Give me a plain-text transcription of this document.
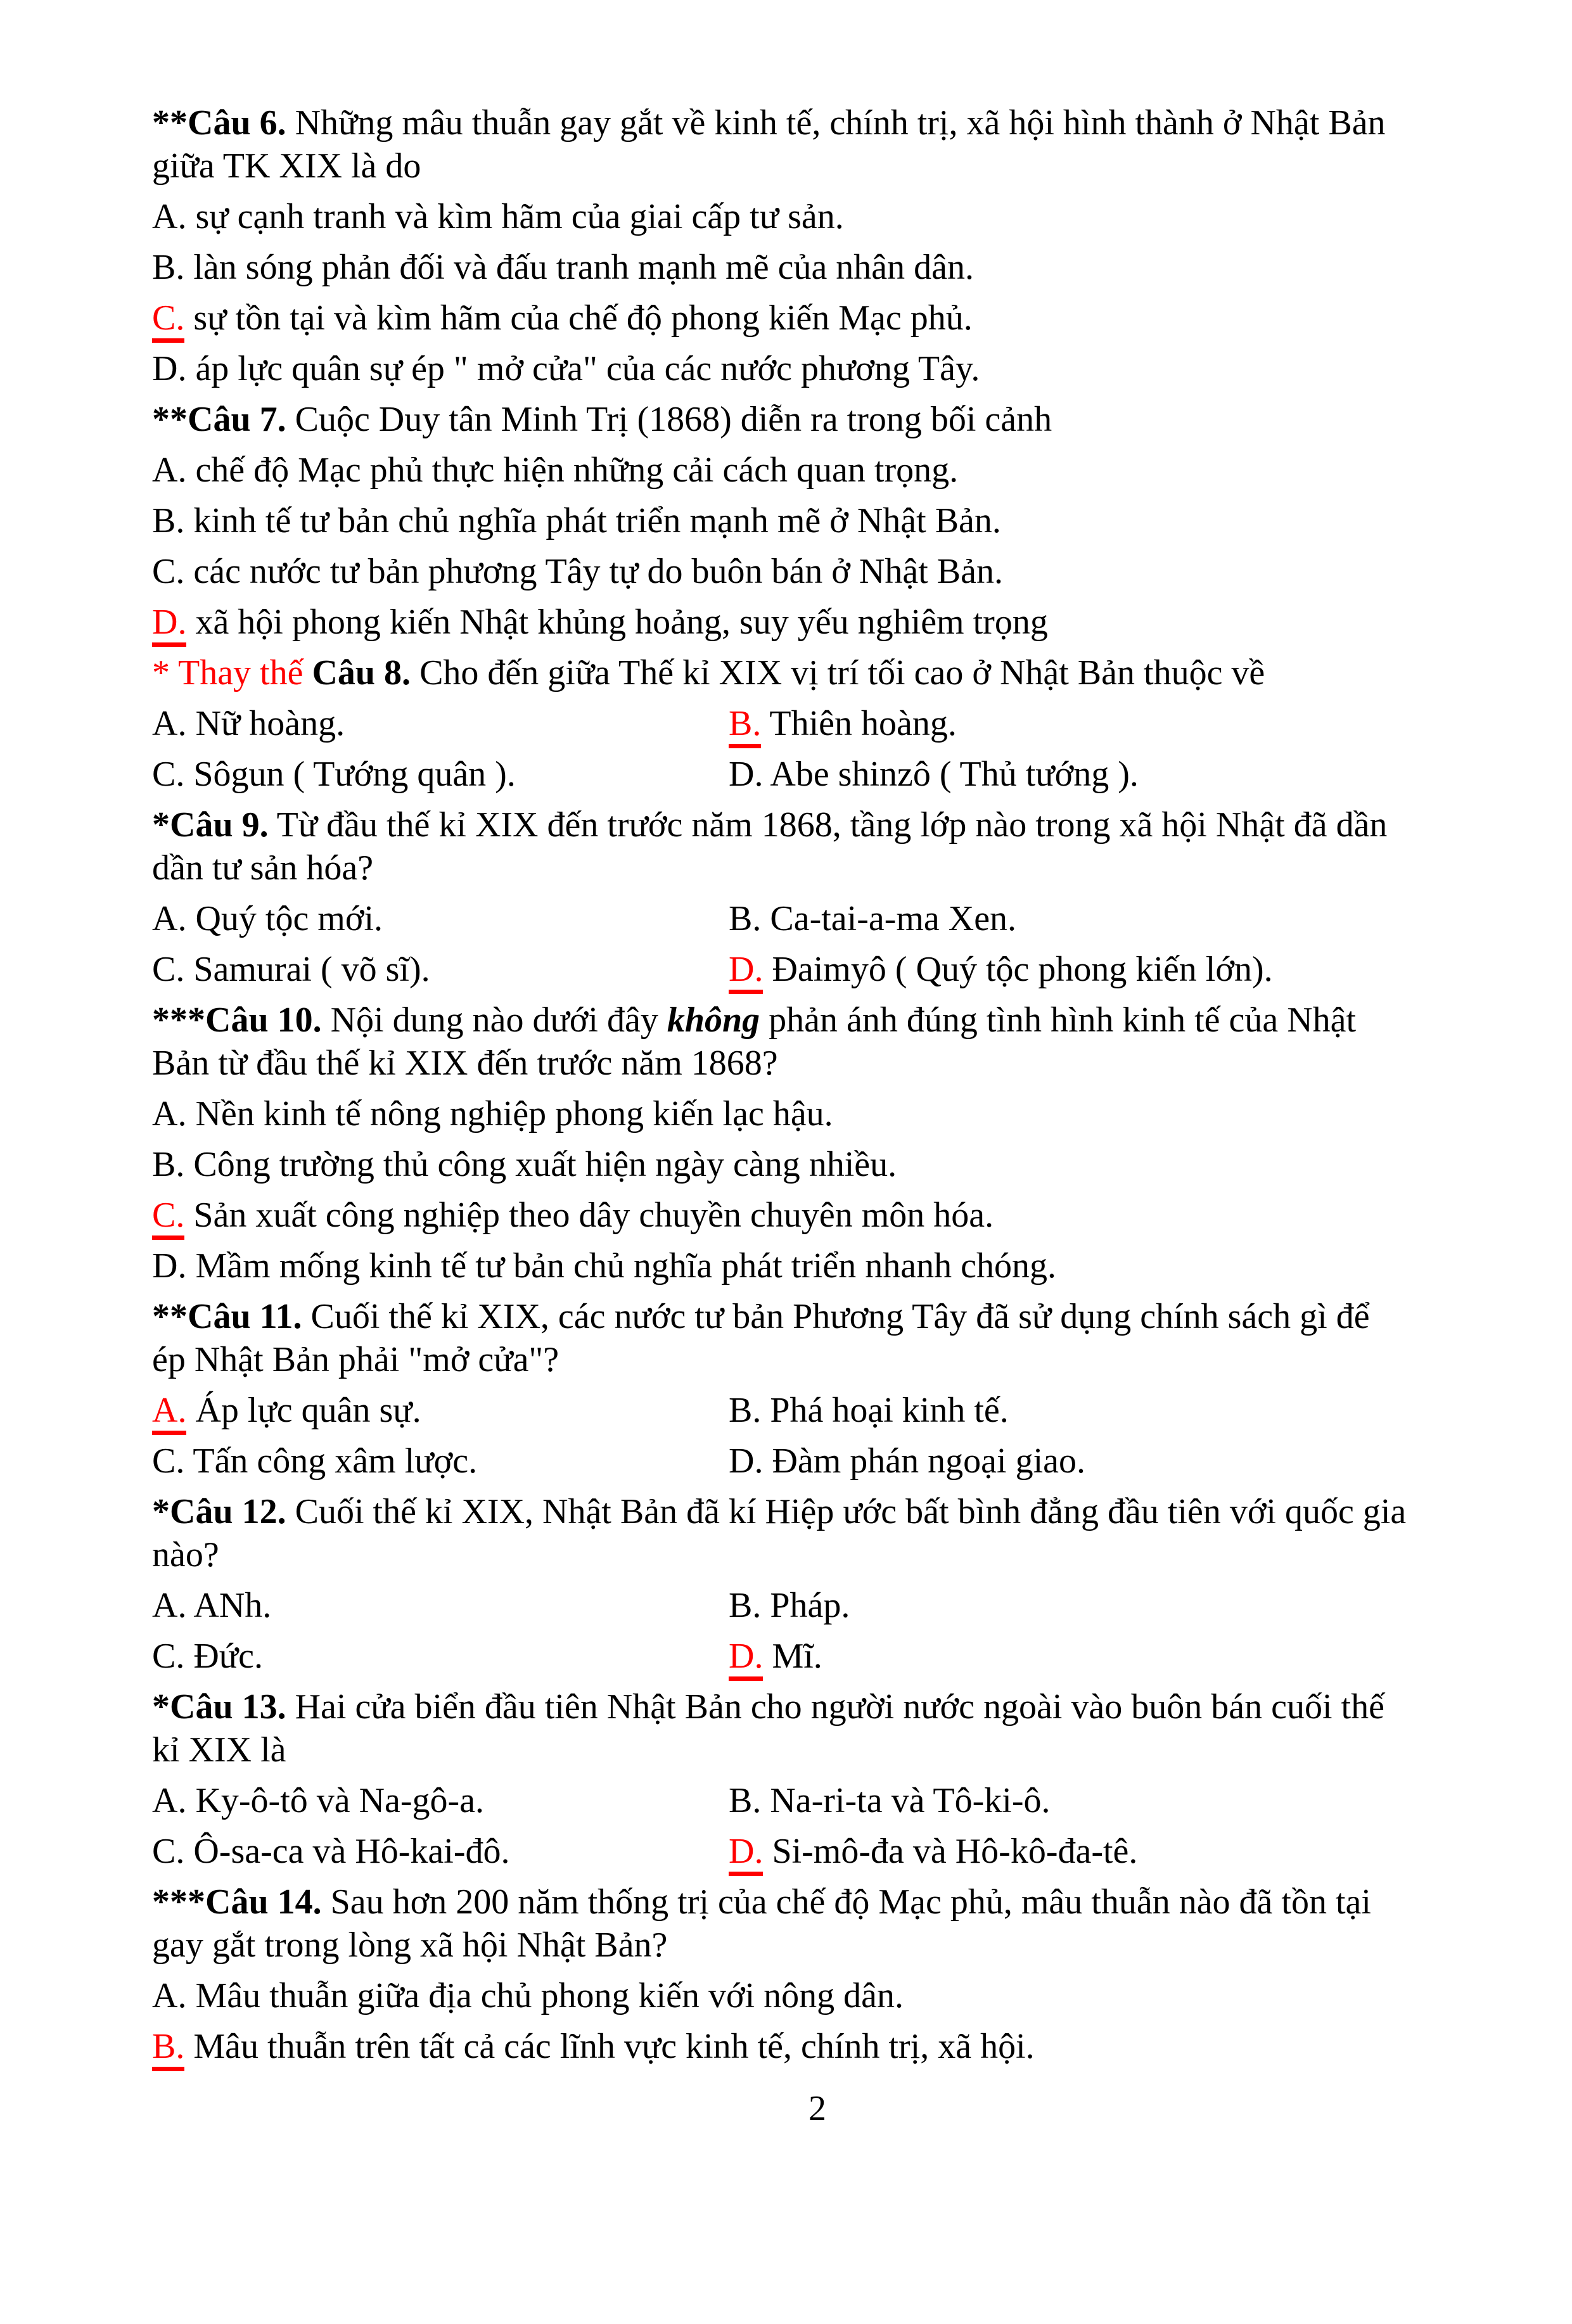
**Câu 6. Những mâu thuẫn gay gắt về kinh tế, chính trị, xã hội hình thành ở Nhật Bản
giữa TK XIX là do
A. sự cạnh tranh và kìm hãm của giai cấp tư sản.
B. làn sóng phản đối và đấu tranh mạnh mẽ của nhân dân.
C. sự tồn tại và kìm hãm của chế độ phong kiến Mạc phủ.
D. áp lực quân sự ép " mở cửa" của các nước phương Tây.
**Câu 7. Cuộc Duy tân Minh Trị (1868) diễn ra trong bối cảnh
A. chế độ Mạc phủ thực hiện những cải cách quan trọng.
B. kinh tế tư bản chủ nghĩa phát triển mạnh mẽ ở Nhật Bản.
C. các nước tư bản phương Tây tự do buôn bán ở Nhật Bản.
D. xã hội phong kiến Nhật khủng hoảng, suy yếu nghiêm trọng
* Thay thế Câu 8. Cho đến giữa Thế kỉ XIX vị trí tối cao ở Nhật Bản thuộc về
A. Nữ hoàng.	B. Thiên hoàng.
C. Sôgun ( Tướng quân ).	D. Abe shinzô ( Thủ tướng ).
*Câu 9. Từ đầu thế kỉ XIX đến trước năm 1868, tầng lớp nào trong xã hội Nhật đã dần
dần tư sản hóa?
A. Quý tộc mới.	B. Ca-tai-a-ma Xen.
C. Samurai ( võ sĩ).	D. Đaimyô ( Quý tộc phong kiến lớn).
***Câu 10. Nội dung nào dưới đây không phản ánh đúng tình hình kinh tế của Nhật
Bản từ đầu thế kỉ XIX đến trước năm 1868?
A. Nền kinh tế nông nghiệp phong kiến lạc hậu.
B. Công trường thủ công xuất hiện ngày càng nhiều.
C. Sản xuất công nghiệp theo dây chuyền chuyên môn hóa.
D. Mầm mống kinh tế tư bản chủ nghĩa phát triển nhanh chóng.
**Câu 11. Cuối thế kỉ XIX, các nước tư bản Phương Tây đã sử dụng chính sách gì để
ép Nhật Bản phải "mở cửa"?
A. Áp lực quân sự.	B. Phá hoại kinh tế.
C. Tấn công xâm lược.	D. Đàm phán ngoại giao.
*Câu 12. Cuối thế kỉ XIX, Nhật Bản đã kí Hiệp ước bất bình đẳng đầu tiên với quốc gia
nào?
A. ANh.	B. Pháp.
C. Đức.	D. Mĩ.
*Câu 13. Hai cửa biển đầu tiên Nhật Bản cho người nước ngoài vào buôn bán cuối thế
kỉ XIX là
A. Ky-ô-tô và Na-gô-a.	B. Na-ri-ta và Tô-ki-ô.
C. Ô-sa-ca và Hô-kai-đô.	D. Si-mô-đa và Hô-kô-đa-tê.
***Câu 14. Sau hơn 200 năm thống trị của chế độ Mạc phủ, mâu thuẫn nào đã tồn tại
gay gắt trong lòng xã hội Nhật Bản?
A. Mâu thuẫn giữa địa chủ phong kiến với nông dân.
B. Mâu thuẫn trên tất cả các lĩnh vực kinh tế, chính trị, xã hội.
2
